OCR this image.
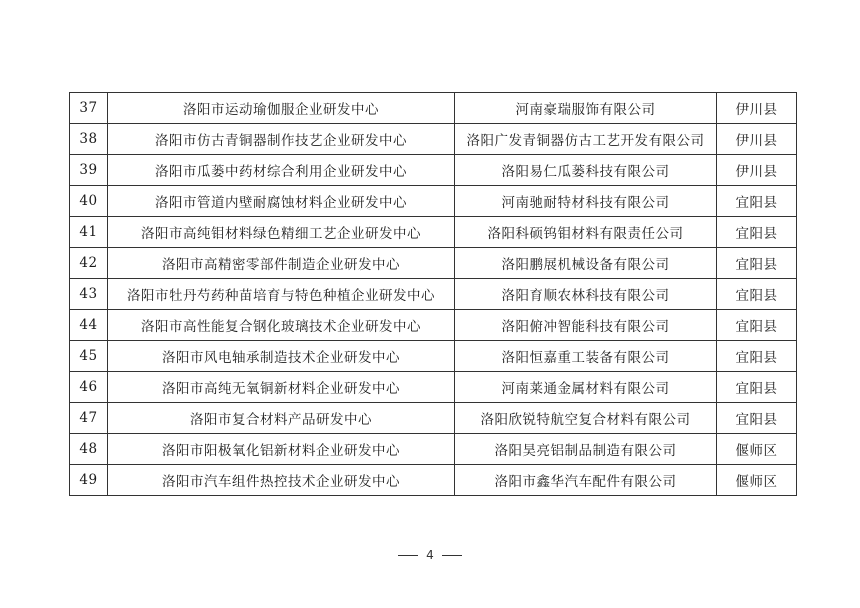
37	洛阳市运动瑜伽服企业研发中心	河南豪瑞服饰有限公司	伊川县
38	洛阳市仿古青铜器制作技艺企业研发中心	洛阳广发青铜器仿古工艺开发有限公司	伊川县
39	洛阳市瓜蒌中药材综合利用企业研发中心	洛阳易仁瓜蒌科技有限公司	伊川县
40	洛阳市管道内壁耐腐蚀材料企业研发中心	河南驰耐特材科技有限公司	宜阳县
41	洛阳市高纯钼材料绿色精细工艺企业研发中心	洛阳科硕钨钼材料有限责任公司	宜阳县
42	洛阳市高精密零部件制造企业研发中心	洛阳鹏展机械设备有限公司	宜阳县
43	洛阳市牡丹芍药种苗培育与特色种植企业研发中心	洛阳育顺农林科技有限公司	宜阳县
44	洛阳市高性能复合钢化玻璃技术企业研发中心	洛阳俯冲智能科技有限公司	宜阳县
45	洛阳市风电轴承制造技术企业研发中心	洛阳恒嘉重工装备有限公司	宜阳县
46	洛阳市高纯无氧铜新材料企业研发中心	河南莱通金属材料有限公司	宜阳县
47	洛阳市复合材料产品研发中心	洛阳欣锐特航空复合材料有限公司	宜阳县
48	洛阳市阳极氧化铝新材料企业研发中心	洛阳昊亮铝制品制造有限公司	偃师区
49	洛阳市汽车组件热控技术企业研发中心	洛阳市鑫华汽车配件有限公司	偃师区
4
